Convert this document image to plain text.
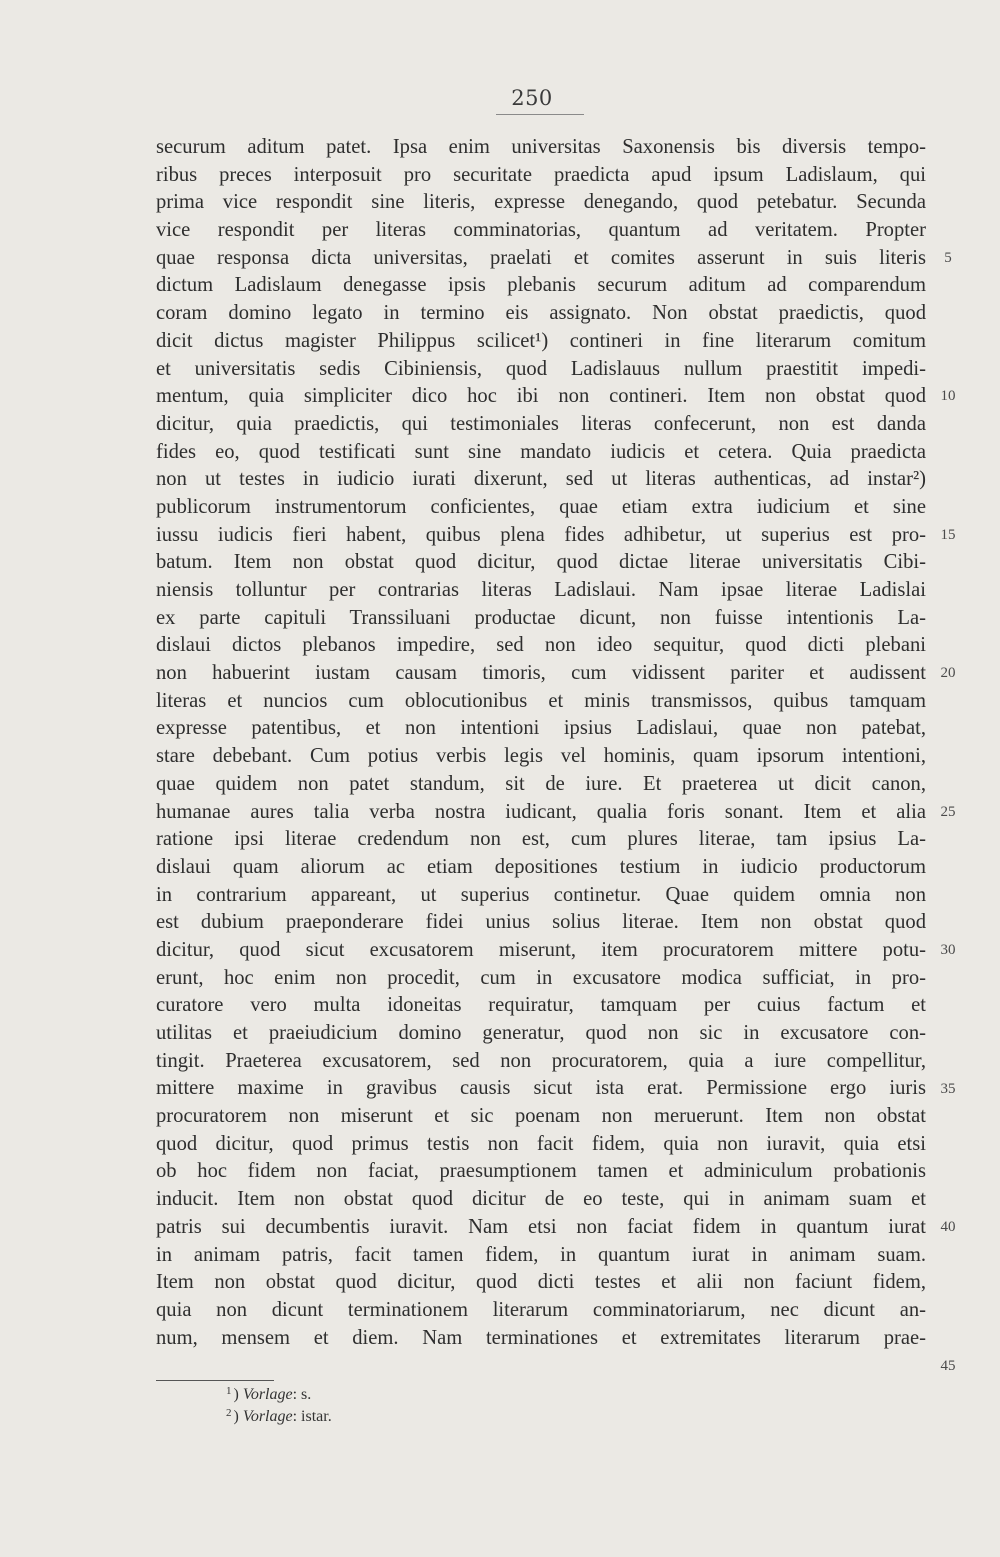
250
securum aditum patet. Ipsa enim universitas Saxonensis bis diversis tempo-
ribus preces interposuit pro securitate praedicta apud ipsum Ladislaum, qui
prima vice respondit sine literis, expresse denegando, quod petebatur. Secunda
vice respondit per literas comminatorias, quantum ad veritatem. Propter
quae responsa dicta universitas, praelati et comites asserunt in suis literis
dictum Ladislaum denegasse ipsis plebanis securum aditum ad comparendum
coram domino legato in termino eis assignato. Non obstat praedictis, quod
dicit dictus magister Philippus scilicet¹) contineri in fine literarum comitum
et universitatis sedis Cibiniensis, quod Ladislauus nullum praestitit impedi-
mentum, quia simpliciter dico hoc ibi non contineri. Item non obstat quod
dicitur, quia praedictis, qui testimoniales literas confecerunt, non est danda
fides eo, quod testificati sunt sine mandato iudicis et cetera. Quia praedicta
non ut testes in iudicio iurati dixerunt, sed ut literas authenticas, ad instar²)
publicorum instrumentorum conficientes, quae etiam extra iudicium et sine
iussu iudicis fieri habent, quibus plena fides adhibetur, ut superius est pro-
batum. Item non obstat quod dicitur, quod dictae literae universitatis Cibi-
niensis tolluntur per contrarias literas Ladislaui. Nam ipsae literae Ladislai
ex parte capituli Transsiluani productae dicunt, non fuisse intentionis La-
dislaui dictos plebanos impedire, sed non ideo sequitur, quod dicti plebani
non habuerint iustam causam timoris, cum vidissent pariter et audissent
literas et nuncios cum oblocutionibus et minis transmissos, quibus tamquam
expresse patentibus, et non intentioni ipsius Ladislaui, quae non patebat,
stare debebant. Cum potius verbis legis vel hominis, quam ipsorum intentioni,
quae quidem non patet standum, sit de iure. Et praeterea ut dicit canon,
humanae aures talia verba nostra iudicant, qualia foris sonant. Item et alia
ratione ipsi literae credendum non est, cum plures literae, tam ipsius La-
dislaui quam aliorum ac etiam depositiones testium in iudicio productorum
in contrarium appareant, ut superius continetur. Quae quidem omnia non
est dubium praeponderare fidei unius solius literae. Item non obstat quod
dicitur, quod sicut excusatorem miserunt, item procuratorem mittere potu-
erunt, hoc enim non procedit, cum in excusatore modica sufficiat, in pro-
curatore vero multa idoneitas requiratur, tamquam per cuius factum et
utilitas et praeiudicium domino generatur, quod non sic in excusatore con-
tingit. Praeterea excusatorem, sed non procuratorem, quia a iure compellitur,
mittere maxime in gravibus causis sicut ista erat. Permissione ergo iuris
procuratorem non miserunt et sic poenam non meruerunt. Item non obstat
quod dicitur, quod primus testis non facit fidem, quia non iuravit, quia etsi
ob hoc fidem non faciat, praesumptionem tamen et adminiculum probationis
inducit. Item non obstat quod dicitur de eo teste, qui in animam suam et
patris sui decumbentis iuravit. Nam etsi non faciat fidem in quantum iurat
in animam patris, facit tamen fidem, in quantum iurat in animam suam.
Item non obstat quod dicitur, quod dicti testes et alii non faciunt fidem,
quia non dicunt terminationem literarum comminatoriarum, nec dicunt an-
num, mensem et diem. Nam terminationes et extremitates literarum prae-
5
10
15
20
25
30
35
40
45
$^1$ ) Vorlage: s.
$^2$ ) Vorlage: istar.
